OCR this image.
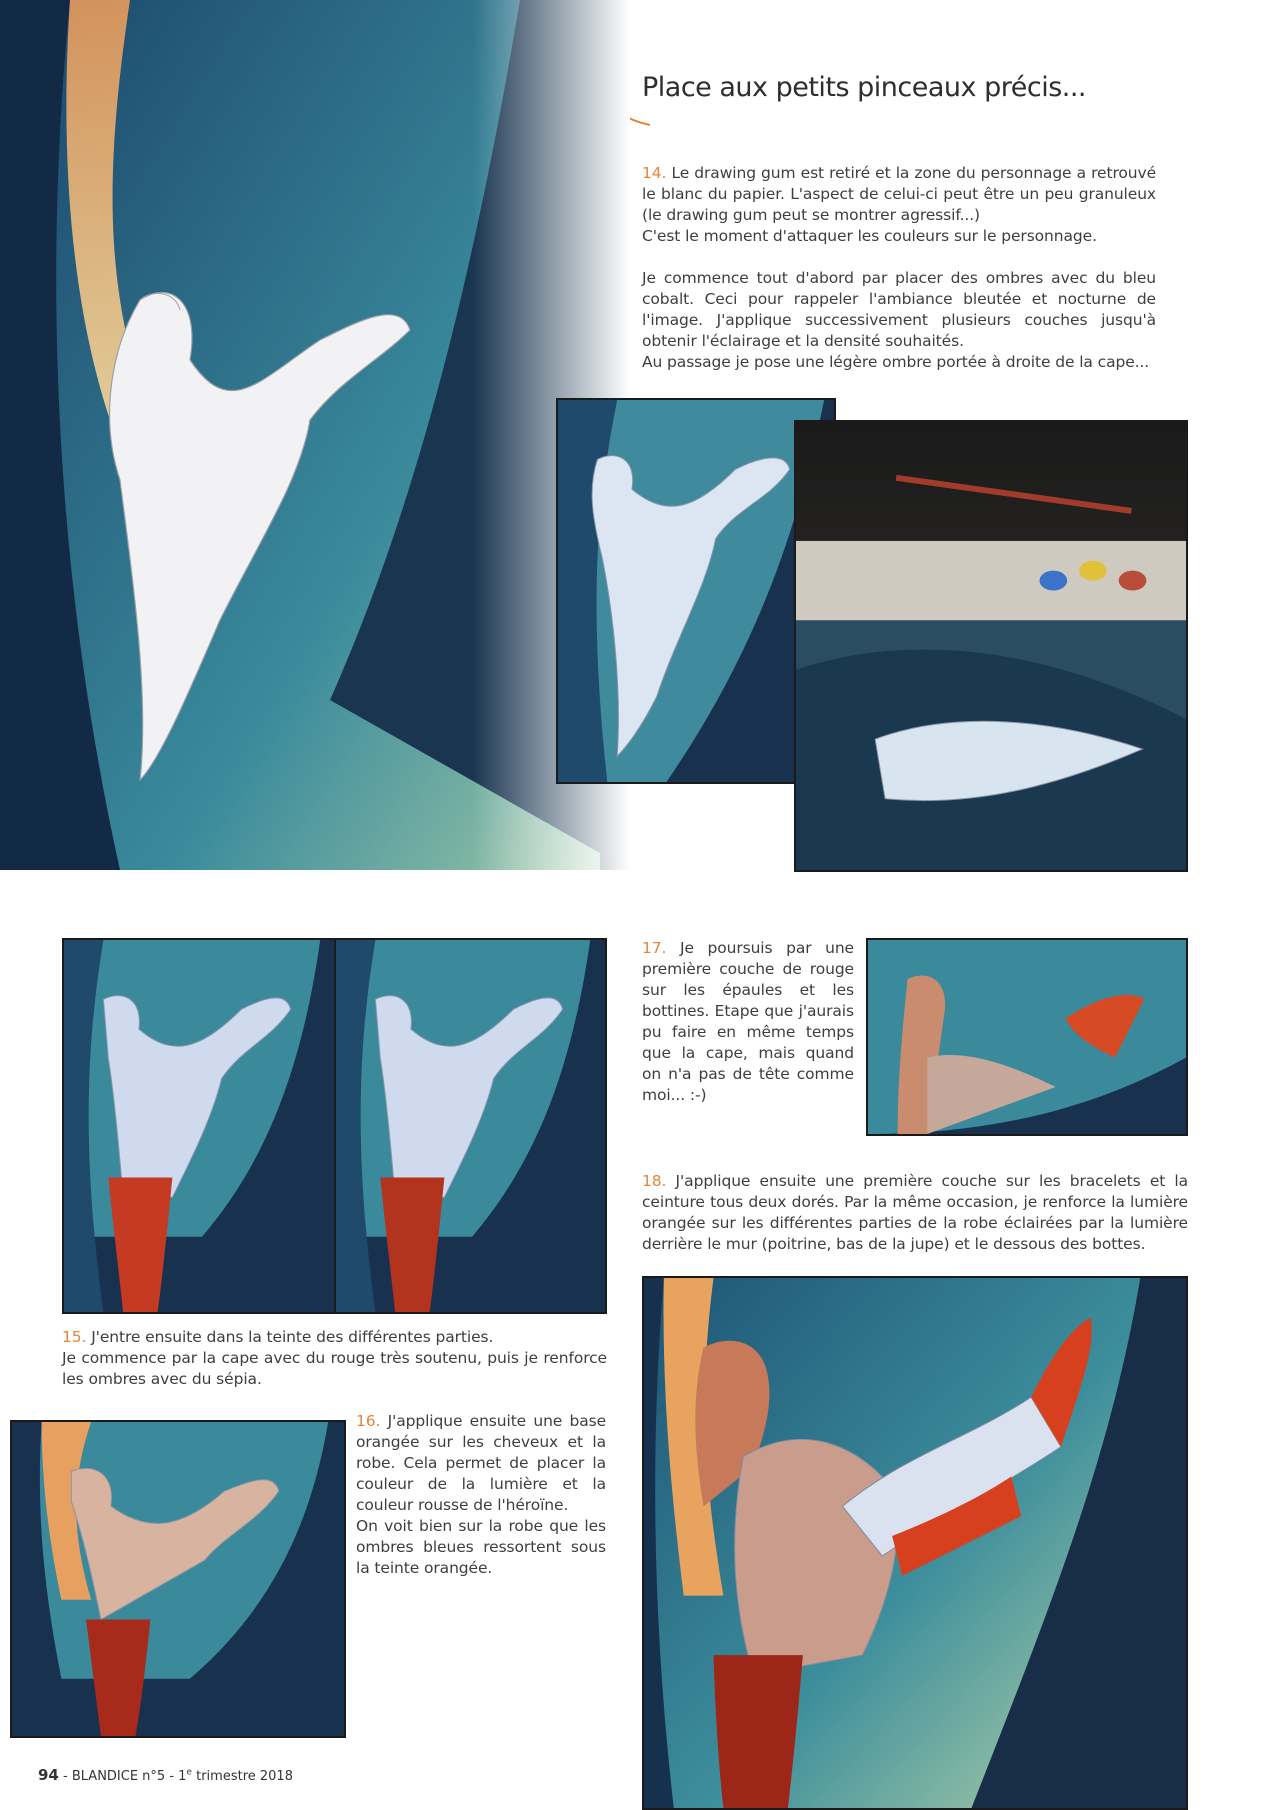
Place aux petits pinceaux précis...

14. Le drawing gum est retiré et la zone du personnage a retrouvé le blanc du papier. L'aspect de celui-ci peut être un peu granuleux (le drawing gum peut se montrer agressif...)

C'est le moment d'attaquer les couleurs sur le personnage.

Je commence tout d'abord par placer des ombres avec du bleu cobalt. Ceci pour rappeler l'ambiance bleutée et nocturne de l'image. J'applique successivement plusieurs couches jusqu'à obtenir l'éclairage et la densité souhaités.

Au passage je pose une légère ombre portée à droite de la cape...

15. J'entre ensuite dans la teinte des différentes parties.

Je commence par la cape avec du rouge très soutenu, puis je renforce les ombres avec du sépia.

16. J'applique ensuite une base orangée sur les cheveux et la robe. Cela permet de placer la couleur de la lumière et la couleur rousse de l'héroïne.

On voit bien sur la robe que les ombres bleues ressortent sous la teinte orangée.

17. Je poursuis par une première couche de rouge sur les épaules et les bottines. Etape que j'aurais pu faire en même temps que la cape, mais quand on n'a pas de tête comme moi... :-)

18. J'applique ensuite une première couche sur les bracelets et la ceinture tous deux dorés. Par la même occasion, je renforce la lumière orangée sur les différentes parties de la robe éclairées par la lumière derrière le mur (poitrine, bas de la jupe) et le dessous des bottes.

94 - BLANDICE n°5 - 1e trimestre 2018
